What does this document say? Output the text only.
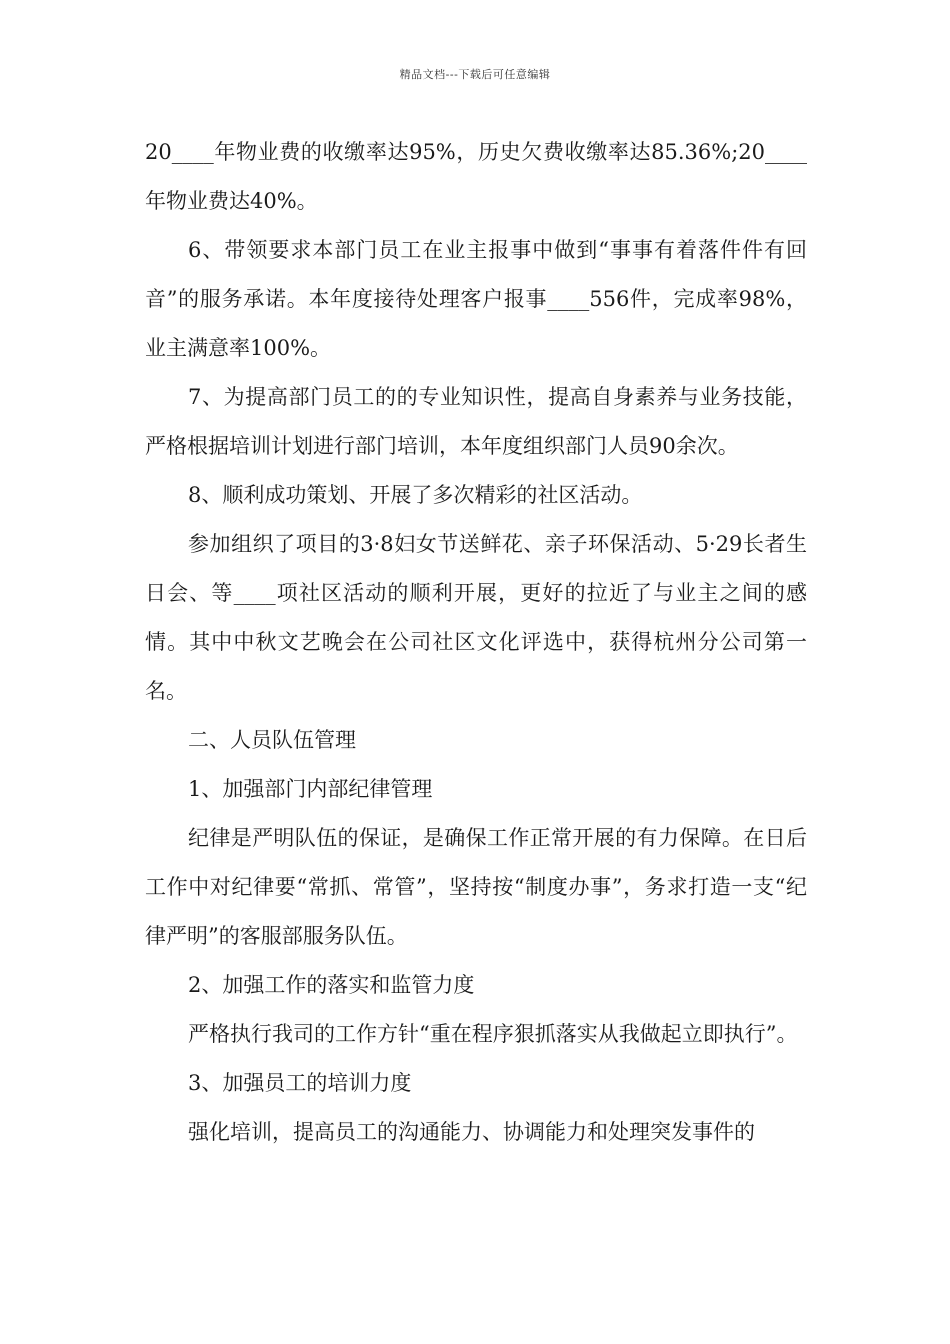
精品文档---下载后可任意编辑

20____年物业费的收缴率达95%，历史欠费收缴率达85.36%;20____年物业费达40%。

6、带领要求本部门员工在业主报事中做到“事事有着落件件有回音”的服务承诺。本年度接待处理客户报事____556件，完成率98%，业主满意率100%。

7、为提高部门员工的的专业知识性，提高自身素养与业务技能，严格根据培训计划进行部门培训，本年度组织部门人员90余次。

8、顺利成功策划、开展了多次精彩的社区活动。

参加组织了项目的3·8妇女节送鲜花、亲子环保活动、5·29长者生日会、等____项社区活动的顺利开展，更好的拉近了与业主之间的感情。其中中秋文艺晚会在公司社区文化评选中，获得杭州分公司第一名。

二、人员队伍管理

1、加强部门内部纪律管理

纪律是严明队伍的保证，是确保工作正常开展的有力保障。在日后工作中对纪律要“常抓、常管”，坚持按“制度办事”，务求打造一支“纪律严明”的客服部服务队伍。

2、加强工作的落实和监管力度

严格执行我司的工作方针“重在程序狠抓落实从我做起立即执行”。

3、加强员工的培训力度

强化培训，提高员工的沟通能力、协调能力和处理突发事件的
